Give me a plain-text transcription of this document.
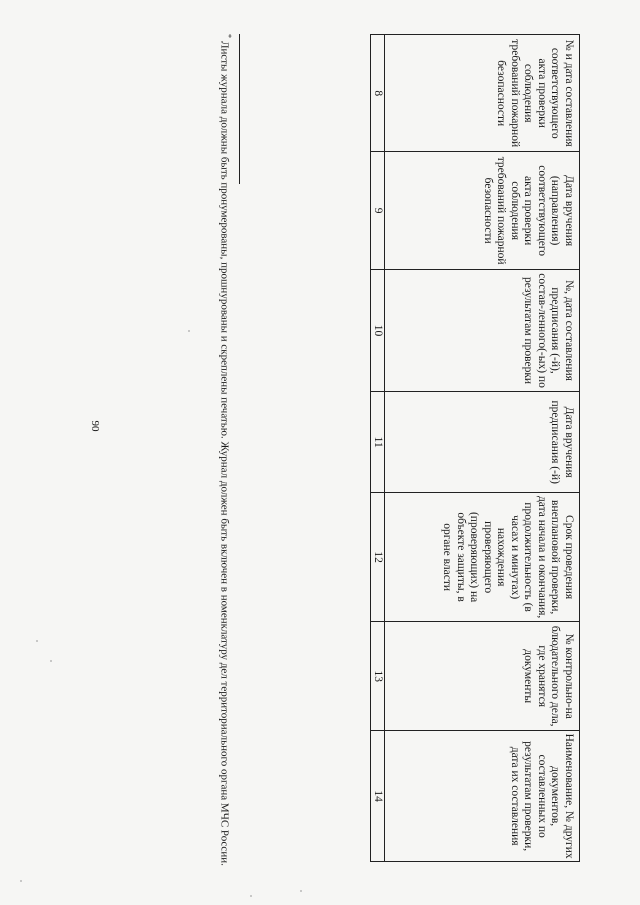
90
№ и дата составления соответствующего акта проверки соблюдения требований пожарной безопасности	Дата вручения (направления) соответствующего акта проверки соблюдения требований пожарной безопасности	№, дата составления предписания (-й), состав-ленного(-ых) по результатам проверки	Дата вручения предписания (-й)	Срок проведения внеплановой проверки, дата начала и окончания, продолжительность (в часах и минутах) нахождения проверяющего (проверяющих) на объекте защиты, в органе власти	№ контрольно-на блюдательного дела, где хранятся документы	Наименование, № других документов, составленных по результатам проверки, дата их составления
8	9	10	11	12	13	14
*Листы журнала должны быть пронумерованы, прошнурованы и скреплены печатью. Журнал должен быть включен в номенклатуру дел территориального органа МЧС России.
